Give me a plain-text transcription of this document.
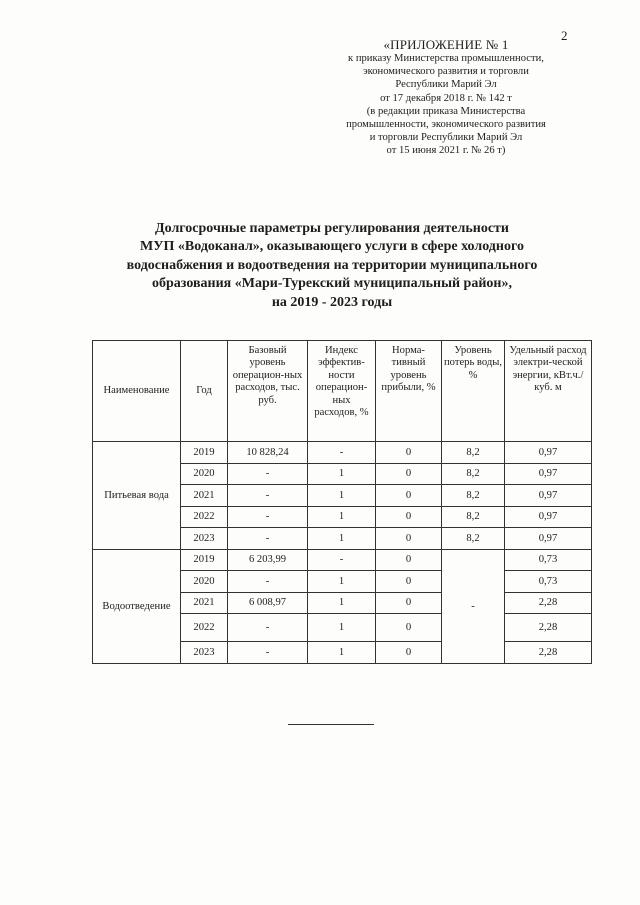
2
«ПРИЛОЖЕНИЕ № 1
к приказу Министерства промышленности,
экономического развития и торговли
Республики Марий Эл
от 17 декабря 2018 г. № 142 т
(в редакции приказа Министерства
промышленности, экономического развития
и торговли Республики Марий Эл
от 15 июня 2021 г. № 26 т)
Долгосрочные параметры регулирования деятельности
МУП «Водоканал», оказывающего услуги в сфере холодного
водоснабжения и водоотведения на территории муниципального
образования «Мари-Турекский муниципальный район»,
на 2019 - 2023 годы
Наименование	Год	Базовый уровень операцион-ных расходов, тыс. руб.	Индекс эффектив-ности операцион-ных расходов, %	Норма-тивный уровень прибыли, %	Уровень потерь воды, %	Удельный расход электри-ческой энергии, кВт.ч./куб. м
Питьевая вода	2019	10 828,24	-	0	8,2	0,97
	2020	-	1	0	8,2	0,97
	2021	-	1	0	8,2	0,97
	2022	-	1	0	8,2	0,97
	2023	-	1	0	8,2	0,97
Водоотведение	2019	6 203,99	-	0	-	0,73
	2020	-	1	0		0,73
	2021	6 008,97	1	0		2,28
	2022	-	1	0		2,28
	2023	-	1	0		2,28
